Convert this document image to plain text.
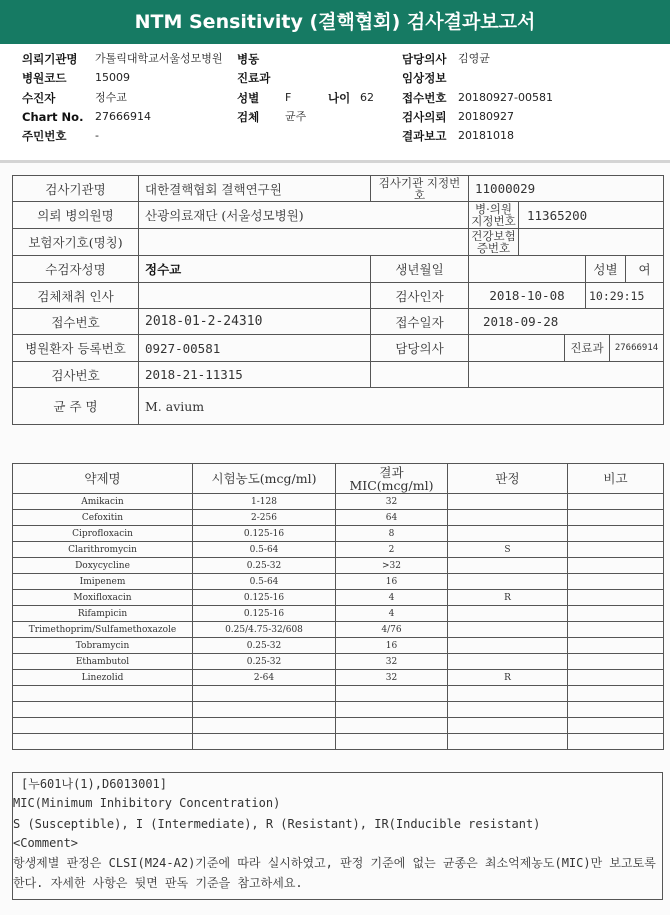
NTM Sensitivity (결핵협회) 검사결과보고서
의뢰기관명 가톨릭대학교서울성모병원 병동
병원코드	15009	진료과
수진자	정수교	성별 F	나이 62
Chart No. 27666914	검체 균주
주민번호	-
담당의사 김영균
임상정보
접수번호 20180927-00581
검사의뢰 20180927
결과보고 20181018
검사기관명	대한결핵협회 결핵연구원	검사기관 지정번호	11000029	
의뢰 병의원명	산광의료재단 (서울성모병원)		병·의원 지정번호 11365200	

보험자기호(명칭)			건강보험 증번호	

수검자성명	정수교	생년월일		성별 여

검체채취 인사		검사인자	2018-10-08	10:29:15
접수번호	2018-01-2-24310	접수일자	2018-09-28	
병원환자 등록번호	0927-00581	담당의사	진료과 27666914	

검사번호	2018-21-11315			
균 주 명	M. avium			
약제명	시험농도(mcg/ml)	결과 MIC(mcg/ml)	판정	비고
Amikacin	1-128	32		
Cefoxitin	2-256	64		
Ciprofloxacin	0.125-16	8		
Clarithromycin	0.5-64	2	S	
Doxycycline	0.25-32	>32		
Imipenem	0.5-64	16		
Moxifloxacin	0.125-16	4	R	
Rifampicin	0.125-16	4		
Trimethoprim/Sulfamethoxazole	0.25/4.75-32/608	4/76		
Tobramycin	0.25-32	16		
Ethambutol	0.25-32	32		
Linezolid	2-64	32	R	

[누601나(1),D6013001]
MIC(Minimum Inhibitory Concentration)
S (Susceptible), I (Intermediate), R (Resistant), IR(Inducible resistant)
<Comment>
항생제별 판정은 CLSI(M24-A2)기준에 따라 실시하였고, 판정 기준에 없는 균종은 최소억제농도(MIC)만 보고토록 한다. 자세한 사항은 뒷면 판독 기준을 참고하세요.
